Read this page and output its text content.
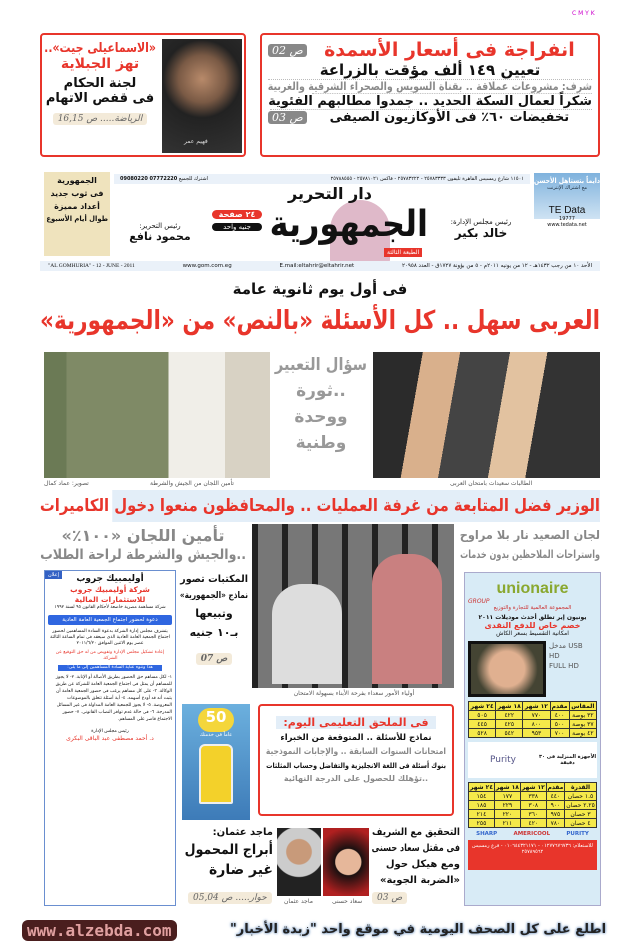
C M Y K
انفراجة فى أسعار الأسمدة
ص 02
تعيين ١٤٩ ألف مؤقت بالزراعة
شرف: مشروعات عملاقة .. بقناة السويس والصحراء الشرقية والغربية
شكراً لعمال السكة الحديد .. جمدوا مطالبهم الفئوية
تخفيضات ٦٠٪ فى الأوكازيون الصيفى
ص 03
فهيم عمر
«الاسماعيلى جيت»..
تهز الجبلاية
لجنة الحكام
فى قفص الاتهام
الرياضة..... ص 16,15
الجمهورية
فى ثوب جديد
أعداد مميزة
طوال أيام الأسبوع
١١٥٠١ شارع رمسيس القاهرة تليفون ٢٥٧٨٣٣٣٣ - ٢٥٧٨٣٢٢٢ - فاكس ٢٥٧٨١٠٢١ - ٢٥٧٨٨٥٥٥
اشترك للجميع 07772220 09080220
رئيس التحرير:
محمود نافع
٢٤ صفحة
جنيه واحد
دار التحرير
الجمهورية
الطبعة الثالثة
رئيس مجلس الإدارة:
خالد بكير
دايماً بتستاهل الأحسن
مع اشتراك الإنترنت
TE Data
19777
www.tedata.net
الأحد ١٠ من رجب ١٤٣٢هـ - ١٢ من يونيه ٢٠١١م - ٥ من بؤونة ١٧٢٧ق - العدد ٢٠٩٥٨
E.mail:eltahrir@eltahrir.net
www.gom.com.eg
"AL GOMHURIA" - 12 - JUNE - 2011
فى أول يوم ثانوية عامة
العربى سهل .. كل الأسئلة «بالنص» من «الجمهورية»
سؤال التعبير
..ثورة
ووحدة
وطنية
الطالبات سعيدات بامتحان العربى
تأمين اللجان من الجيش والشرطة
تصوير: عماد كمال
الوزير فضل المتابعة من غرفة العمليات .. والمحافظون منعوا دخول الكاميرات
تأمين اللجان «١٠٠٪»
..والجيش والشرطة لراحة الطلاب
لجان الصعيد نار بلا مراوح
واستراحات الملاحظين بدون خدمات
أولياء الأمور سعداء بفرحة الأبناء بسهولة الامتحان
المكتبات تصور
نماذج «الجمهورية»
وتبيعها
بـ١٠ جنيه
ص 07
إعلان	أوليمبيك جروب
شركة أوليمبيك جروب للاستثمارات المالية
شركة مساهمة مصرية خاضعة لأحكام القانون ٩٥ لسنة ١٩٩٢
دعوة لحضور اجتماع الجمعية العامة العادية
يتشرف مجلس إدارة الشركة بدعوة السادة المساهمين لحضور اجتماع الجمعية العامة العادية الذى سيعقد فى تمام الساعة الثالثة عصر يوم الاثنين الموافق ٢٠١١/٦/٢٠
إعادة تشكيل مجلس الإدارة وتفويض من له حق التوقيع عن الشركة.
هذا وننوه عناية السادة المساهمين إلى ما يلى:
١- لكل مساهم حق الحضور بطريق الأصالة أو الإنابة. ٢- لا يجوز للمساهم أن يمثل فى اجتماع الجمعية العامة للشركة عن طريق الوكالة. ٣- على كل مساهم يرغب فى حضور الجمعية العامة أن يثبت أنه قد أودع أسهمه. ٤- أية أسئلة تتعلق بالموضوعات المعروضة. ٥- لا يجوز للجمعية العامة المداولة فى غير المسائل المدرجة. ٦- فى حالة عدم توافر النصاب القانونى. ٧- حضور الاجتماع قاصر على المساهم.
رئيس مجلس الإدارة
د. أحمد مصطفى عبد الباقى البكرى
50
عاماً فى خدمتك
فى الملحق التعليمى اليوم:
نماذج للأسئلة .. المتوقعة من الخبراء
امتحانات السنوات السابقة .. والإجابات النموذجية
بنوك أسئلة فى اللغة الانجليزية والتفاضل وحساب المثلثات
..تؤهلك للحصول على الدرجة النهائية
التحقيق مع الشريف
فى مقتل سعاد حسنى
ومع هيكل حول
«الضربة الجوية»
ص 03
سعاد حسنى
ماجد عثمان
ماجد عثمان:
أبراج المحمول
غير ضارة
حوار..... ص 05,04
unionaire
GROUP
المجموعة العالمية للتجارة والتوزيع
يونيون إير تطلق أحدث موديلات ٢٠١١
خصم خاص للدفع النقدى
امكانية التقسيط بسعر الكاش
مدخل USB
HD
FULL HD
المقاس	مقدم	١٢ شهر	١٨ شهر	٢٤ شهر
٣٢ بوصة	٤٠٠	٧٧٠	٤٢٢	٥٠٥
٣٧ بوصة	٥٠٠	٨٠٠	٤٢٥	٤٤٥
٤٢ بوصة	٧٠٠	٩٥٣	٥٤٢	٥٢٨
Purity	الأجهزة المنزلية فى ٣٠ دقيقة
القدرة	مقدم	١٢ شهر	١٨ شهر	٢٤ شهر
١.٥ حصان	٤٤٠	٣٣٨	١٧٧	١٥٤
٢.٢٥ حصان	٩٠٠	٣٠٨	٢٢٩	١٨٥
٣ حصان	٩٧٥	٣٦٠	٢٢٠	٢١٤
٤ حصان	٧٨٠	٤٢٠	٢١١	٢٥٥
SHARP	AMERICOOL	PURITY
للاستعلام: ٠١٢٧٧٦٧٦٧٣٦ - ٠١٠٦٤٤٣٢١١٧١ - فرع رمسيس ٢٥٧٨٩٥٦٢
اطلع على كل الصحف اليومية في موقع واحد "زبدة الأخبار"
www.alzebda.com
